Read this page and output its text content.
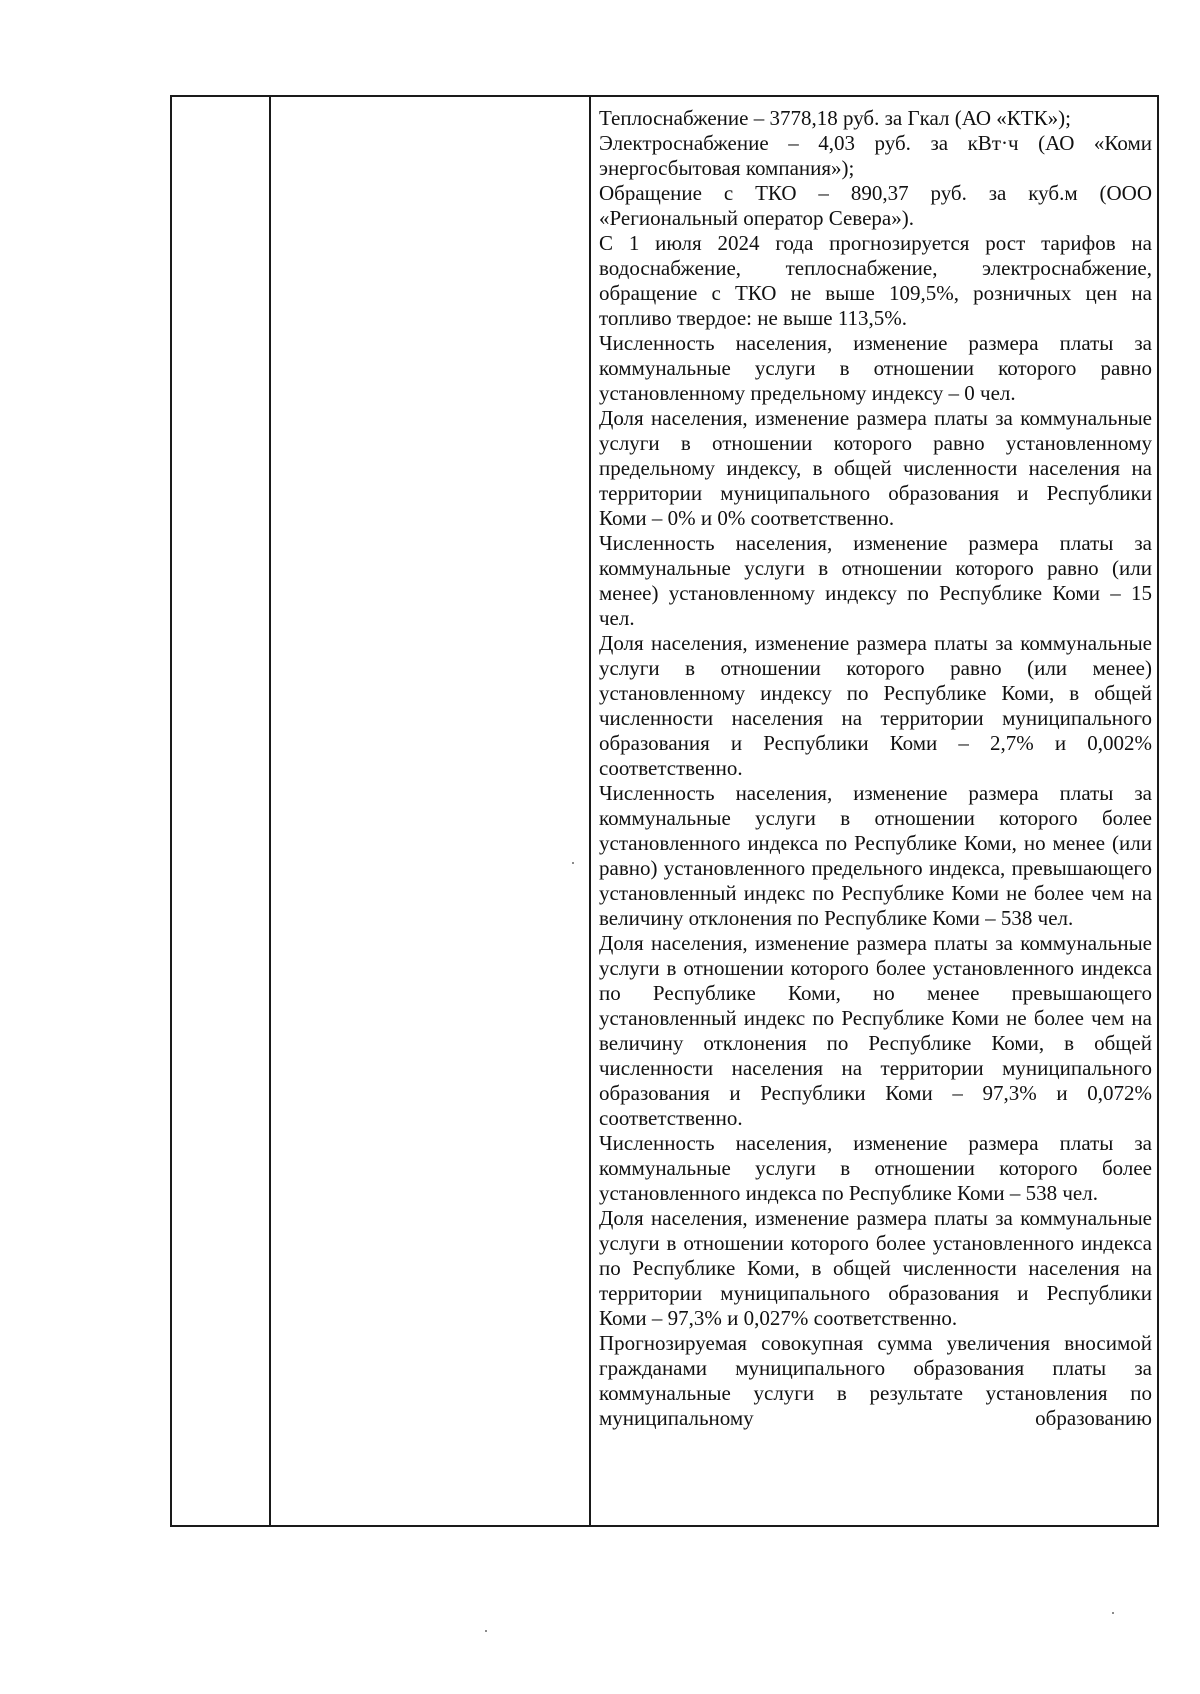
Теплоснабжение – 3778,18 руб. за Гкал (АО «КТК»);

Электроснабжение – 4,03 руб. за кВт·ч (АО «Коми энергосбытовая компания»);

Обращение с ТКО – 890,37 руб. за куб.м (ООО «Региональный оператор Севера»).

С 1 июля 2024 года прогнозируется рост тарифов на водоснабжение, теплоснабжение, электроснабжение, обращение с ТКО не выше 109,5%, розничных цен на топливо твердое: не выше 113,5%.

Численность населения, изменение размера платы за коммунальные услуги в отношении которого равно установленному предельному индексу – 0 чел.

Доля населения, изменение размера платы за коммунальные услуги в отношении которого равно установленному предельному индексу, в общей численности населения на территории муниципального образования и Республики Коми – 0% и 0% соответственно.

Численность населения, изменение размера платы за коммунальные услуги в отношении которого равно (или менее) установленному индексу по Республике Коми – 15 чел.

Доля населения, изменение размера платы за коммунальные услуги в отношении которого равно (или менее) установленному индексу по Республике Коми, в общей численности населения на территории муниципального образования и Республики Коми – 2,7% и 0,002% соответственно.

Численность населения, изменение размера платы за коммунальные услуги в отношении которого более установленного индекса по Республике Коми, но менее (или равно) установленного предельного индекса, превышающего установленный индекс по Республике Коми не более чем на величину отклонения по Республике Коми – 538 чел.

Доля населения, изменение размера платы за коммунальные услуги в отношении которого более установленного индекса по Республике Коми, но менее превышающего установленный индекс по Республике Коми не более чем на величину отклонения по Республике Коми, в общей численности населения на территории муниципального образования и Республики Коми – 97,3% и 0,072% соответственно.

Численность населения, изменение размера платы за коммунальные услуги в отношении которого более установленного индекса по Республике Коми – 538 чел.

Доля населения, изменение размера платы за коммунальные услуги в отношении которого более установленного индекса по Республике Коми, в общей численности населения на территории муниципального образования и Республики Коми – 97,3% и 0,027% соответственно.

Прогнозируемая совокупная сумма увеличения вносимой гражданами муниципального образования платы за коммунальные услуги в результате установления по муниципальному образованию
